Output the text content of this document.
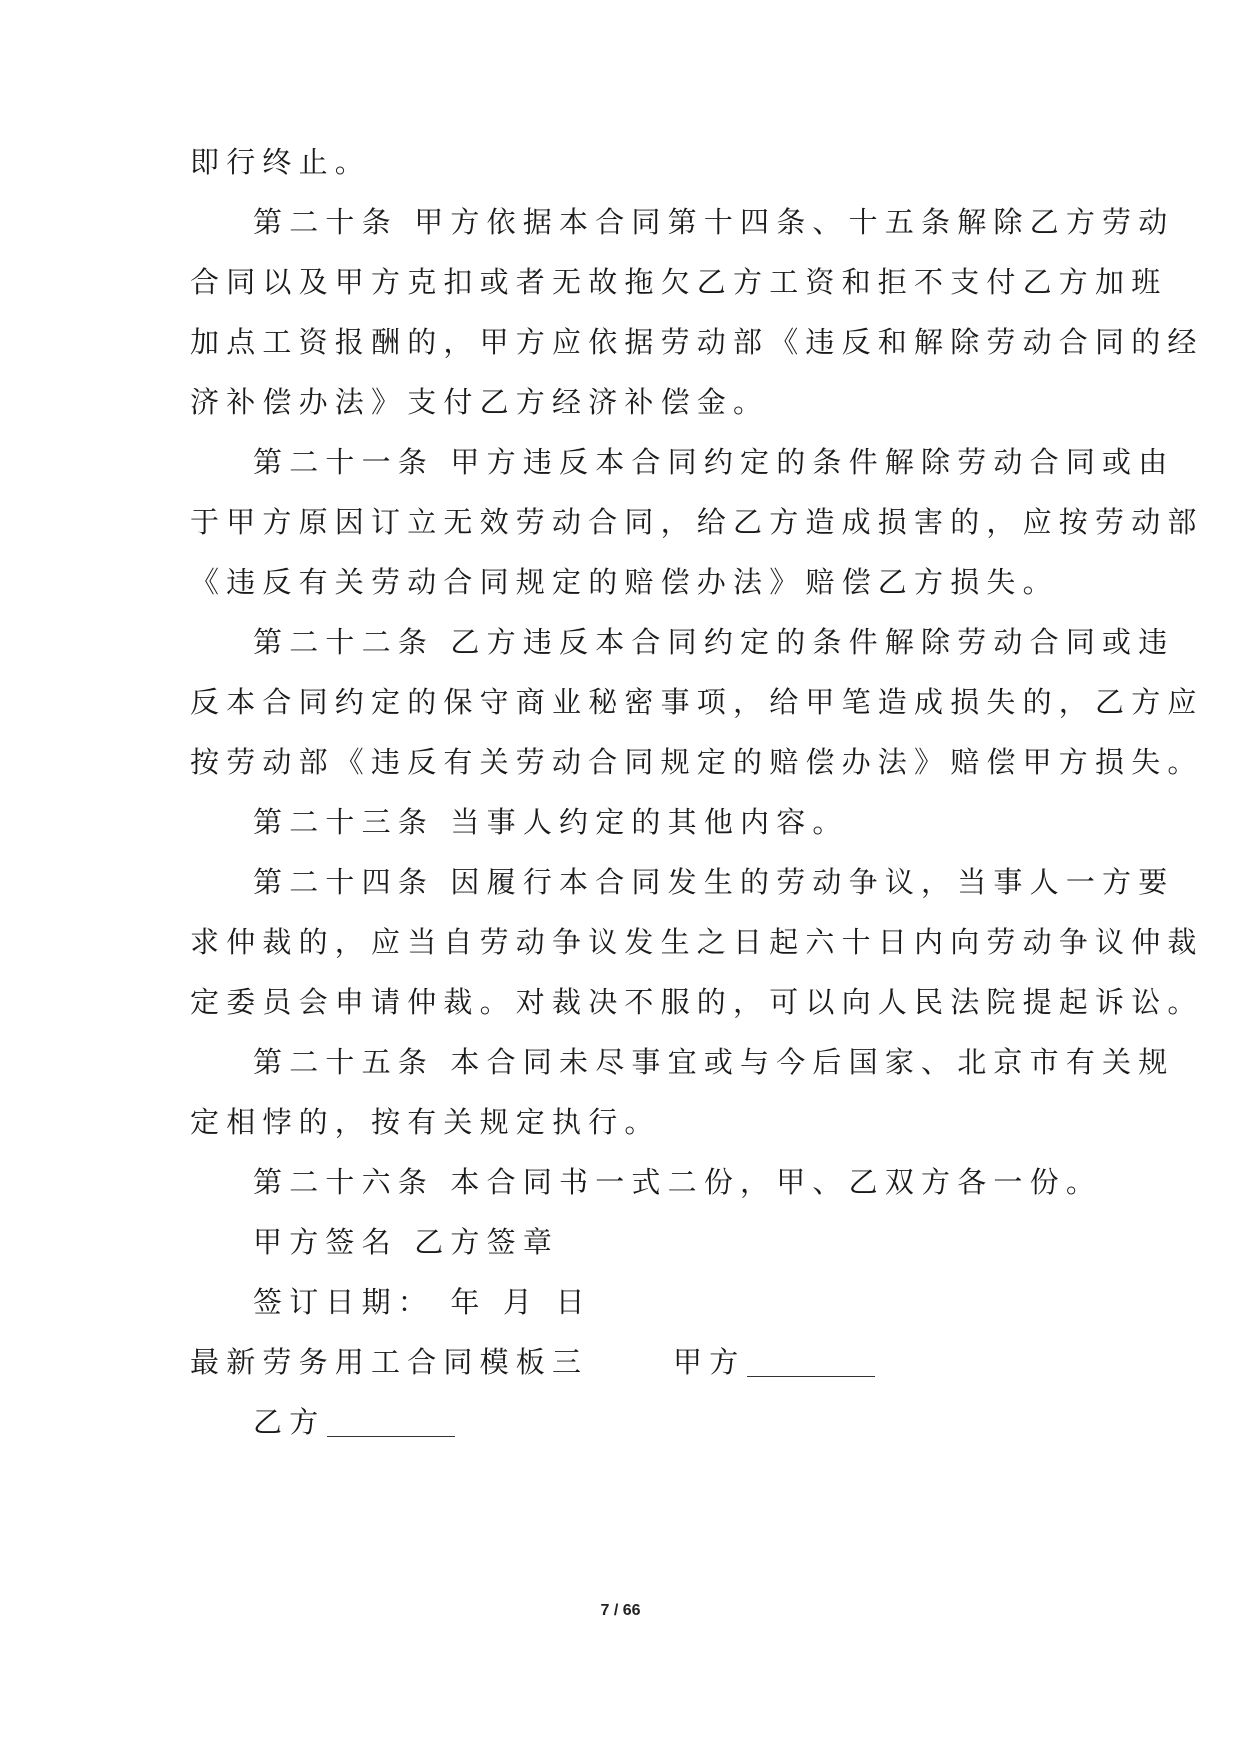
即行终止。
第二十条 甲方依据本合同第十四条、十五条解除乙方劳动
合同以及甲方克扣或者无故拖欠乙方工资和拒不支付乙方加班
加点工资报酬的，甲方应依据劳动部《违反和解除劳动合同的经
济补偿办法》支付乙方经济补偿金。
第二十一条 甲方违反本合同约定的条件解除劳动合同或由
于甲方原因订立无效劳动合同，给乙方造成损害的，应按劳动部
《违反有关劳动合同规定的赔偿办法》赔偿乙方损失。
第二十二条 乙方违反本合同约定的条件解除劳动合同或违
反本合同约定的保守商业秘密事项，给甲笔造成损失的，乙方应
按劳动部《违反有关劳动合同规定的赔偿办法》赔偿甲方损失。
第二十三条 当事人约定的其他内容。
第二十四条 因履行本合同发生的劳动争议，当事人一方要
求仲裁的，应当自劳动争议发生之日起六十日内向劳动争议仲裁
定委员会申请仲裁。对裁决不服的，可以向人民法院提起诉讼。
第二十五条 本合同未尽事宜或与今后国家、北京市有关规
定相悖的，按有关规定执行。
第二十六条 本合同书一式二份，甲、乙双方各一份。
甲方签名 乙方签章
签订日期： 年 月 日
最新劳务用工合同模板三	甲方
乙方
7 / 66
